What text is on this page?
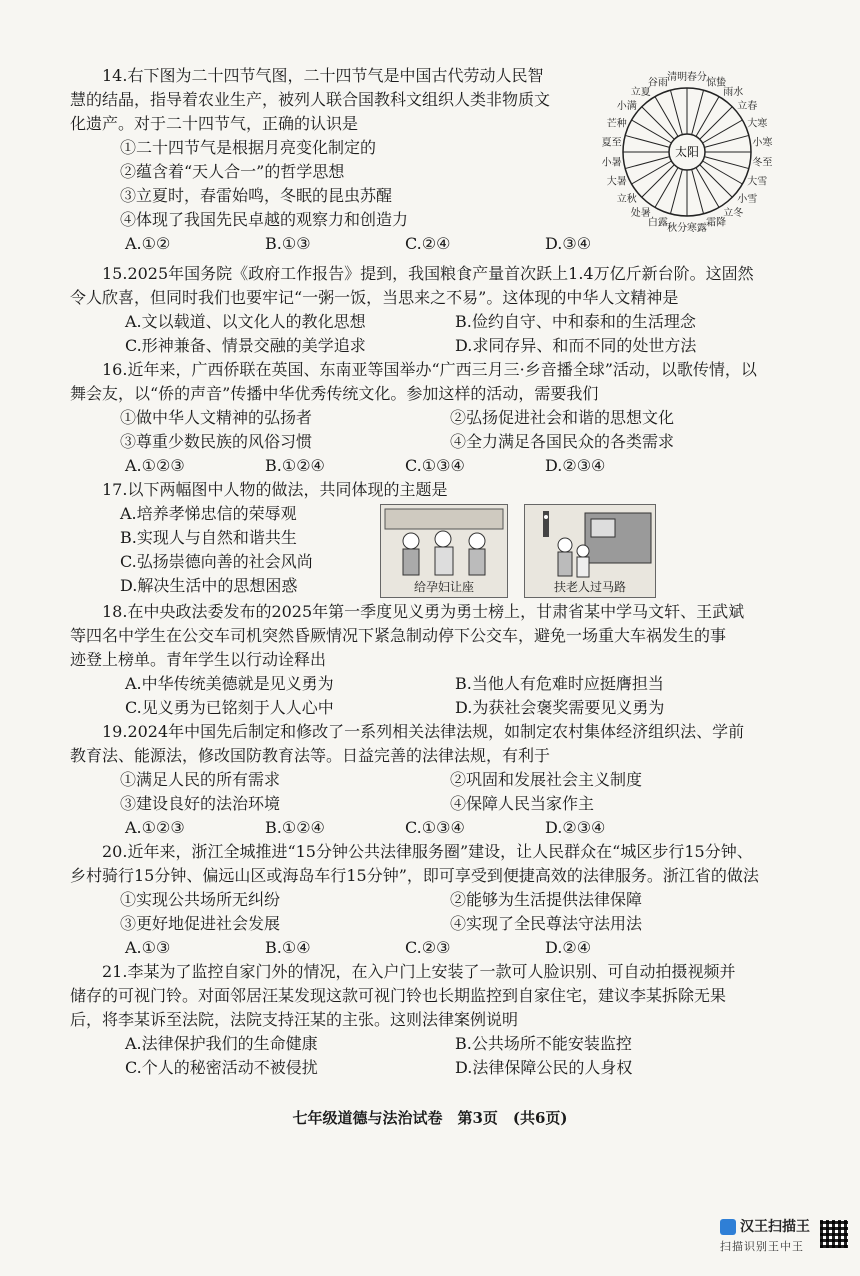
14.右下图为二十四节气图，二十四节气是中国古代劳动人民智

慧的结晶，指导着农业生产，被列人联合国教科文组织人类非物质文

化遗产。对于二十四节气，正确的认识是

①二十四节气是根据月亮变化制定的

②蕴含着“天人合一”的哲学思想

③立夏时，春雷始鸣，冬眠的昆虫苏醒

④体现了我国先民卓越的观察力和创造力

A.①②	B.①③	C.②④	D.③④
春分 惊蛰
雨水
立春
大寒
小寒
冬至
大雪
小雪
立冬
霜降
寒露
秋分
白露
处暑
立秋
大暑
小暑
夏至
芒种
小满
立夏
谷雨 清明
太阳

15.2025年国务院《政府工作报告》提到，我国粮食产量首次跃上1.4万亿斤新台阶。这固然

令人欣喜，但同时我们也要牢记“一粥一饭，当思来之不易”。这体现的中华人文精神是

A.文以载道、以文化人的教化思想	B.俭约自守、中和泰和的生活理念
C.形神兼备、情景交融的美学追求	D.求同存异、和而不同的处世方法

16.近年来，广西侨联在英国、东南亚等国举办“广西三月三·乡音播全球”活动，以歌传情，以

舞会友，以“侨的声音”传播中华优秀传统文化。参加这样的活动，需要我们

①做中华人文精神的弘扬者	②弘扬促进社会和谐的思想文化
③尊重少数民族的风俗习惯	④全力满足各国民众的各类需求
A.①②③	B.①②④	C.①③④	D.②③④

17.以下两幅图中人物的做法，共同体现的主题是

A.培养孝悌忠信的荣辱观

B.实现人与自然和谐共生

C.弘扬崇德向善的社会风尚

D.解决生活中的思想困惑	给孕妇让座	扶老人过马路

18.在中央政法委发布的2025年第一季度见义勇为勇士榜上，甘肃省某中学马文轩、王武斌

等四名中学生在公交车司机突然昏厥情况下紧急制动停下公交车，避免一场重大车祸发生的事

迹登上榜单。青年学生以行动诠释出

A.中华传统美德就是见义勇为	B.当他人有危难时应挺膺担当
C.见义勇为已铭刻于人人心中	D.为获社会褒奖需要见义勇为

19.2024年中国先后制定和修改了一系列相关法律法规，如制定农村集体经济组织法、学前

教育法、能源法，修改国防教育法等。日益完善的法律法规，有利于

①满足人民的所有需求	②巩固和发展社会主义制度
③建设良好的法治环境	④保障人民当家作主
A.①②③	B.①②④	C.①③④	D.②③④

20.近年来，浙江全城推进“15分钟公共法律服务圈”建设，让人民群众在“城区步行15分钟、

乡村骑行15分钟、偏远山区或海岛车行15分钟”，即可享受到便捷高效的法律服务。浙江省的做法

①实现公共场所无纠纷	②能够为生活提供法律保障
③更好地促进社会发展	④实现了全民尊法守法用法
A.①③	B.①④	C.②③	D.②④

21.李某为了监控自家门外的情况，在入户门上安装了一款可人脸识别、可自动拍摄视频并

储存的可视门铃。对面邻居汪某发现这款可视门铃也长期监控到自家住宅，建议李某拆除无果

后，将李某诉至法院，法院支持汪某的主张。这则法律案例说明

A.法律保护我们的生命健康	B.公共场所不能安装监控
C.个人的秘密活动不被侵扰	D.法律保障公民的人身权
七年级道德与法治试卷　第3页　(共6页)
汉王扫描王
扫描识别王中王
